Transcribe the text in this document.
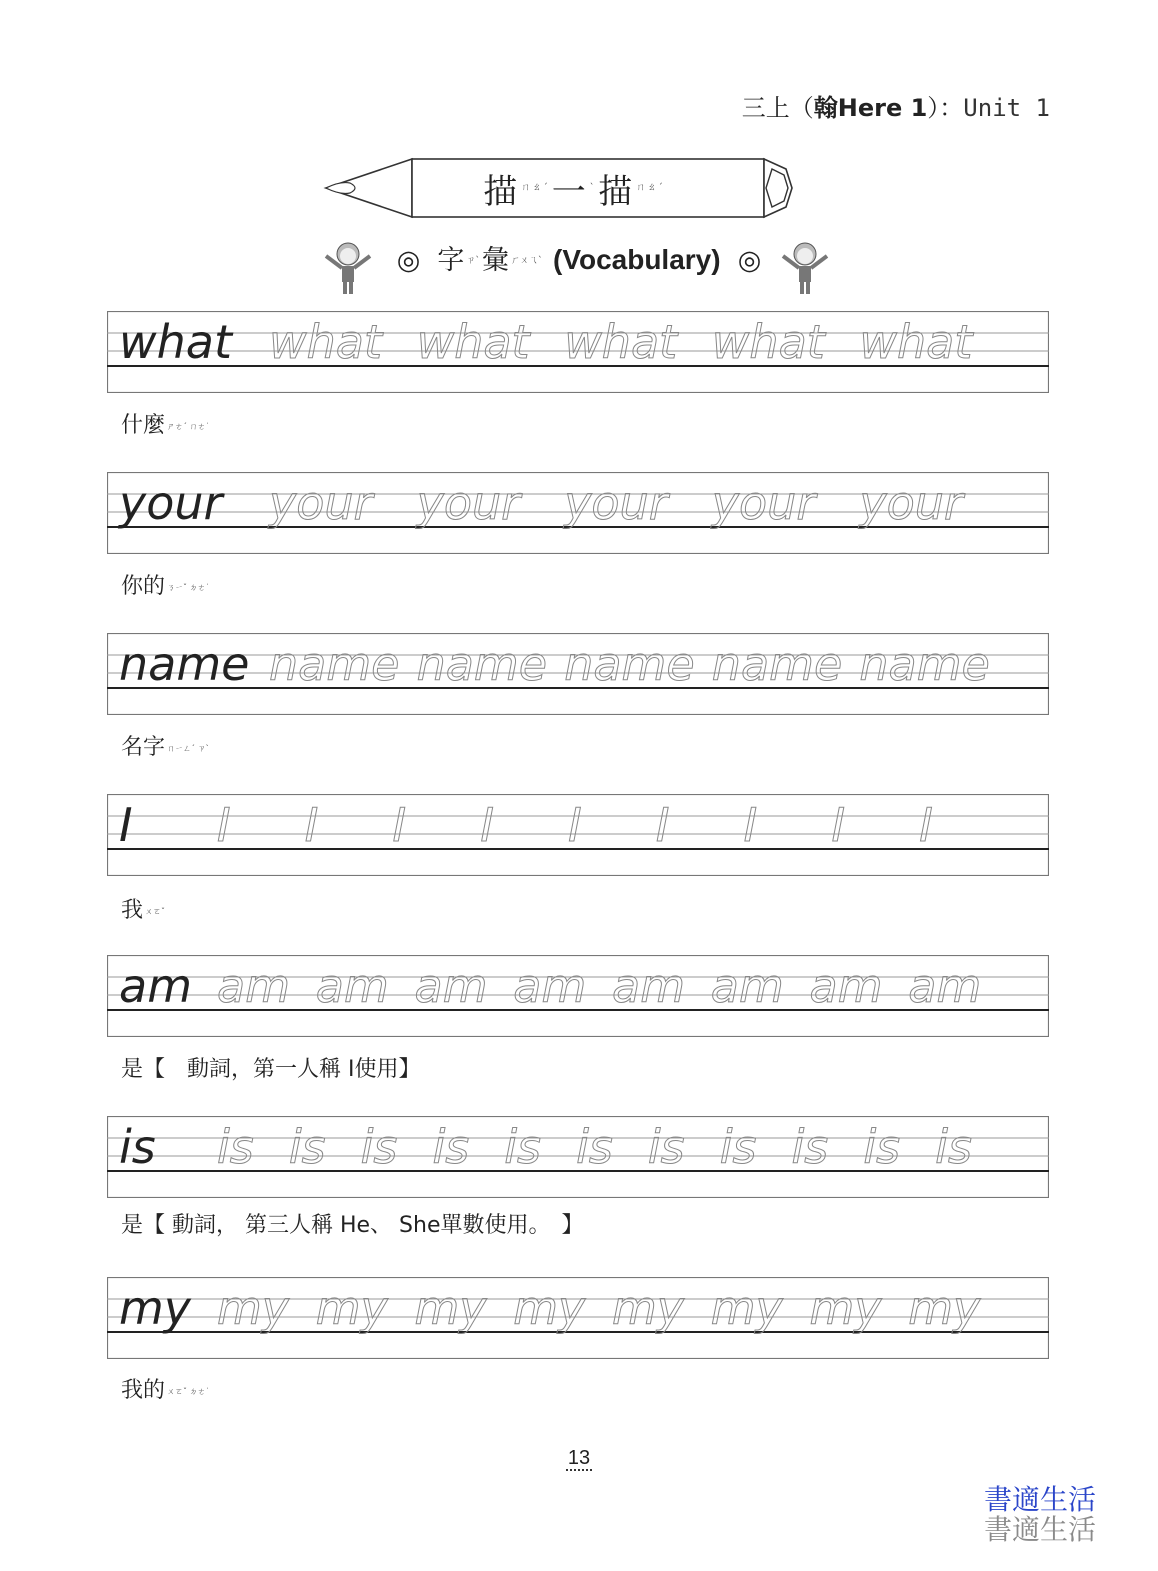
三上（翰Here 1）：Unit 1
描 ㄇㄠˊ 一 ˋ 描 ㄇㄠˊ
◎ 字 ㄗˋ彙 ㄏㄨㄟˋ (Vocabulary) ◎
what what what what what what
什麼 ㄕㄜˊ ㄇㄜ˙
your your your your your your
你的 ㄋㄧˇ ㄉㄜ˙
name name name name name name
名字 ㄇㄧㄥˊ ㄗˋ
I I I I I I I I I I
我 ㄨㄛˇ
am am am am am am am am am
是【　動詞，第一人稱 I使用】
is is is is is is is is is is is is
是【 動詞， 第三人稱 He、 She單數使用。　】
my my my my my my my my my
我的 ㄨㄛˇ ㄉㄜ˙
13
書適生活
書適生活
